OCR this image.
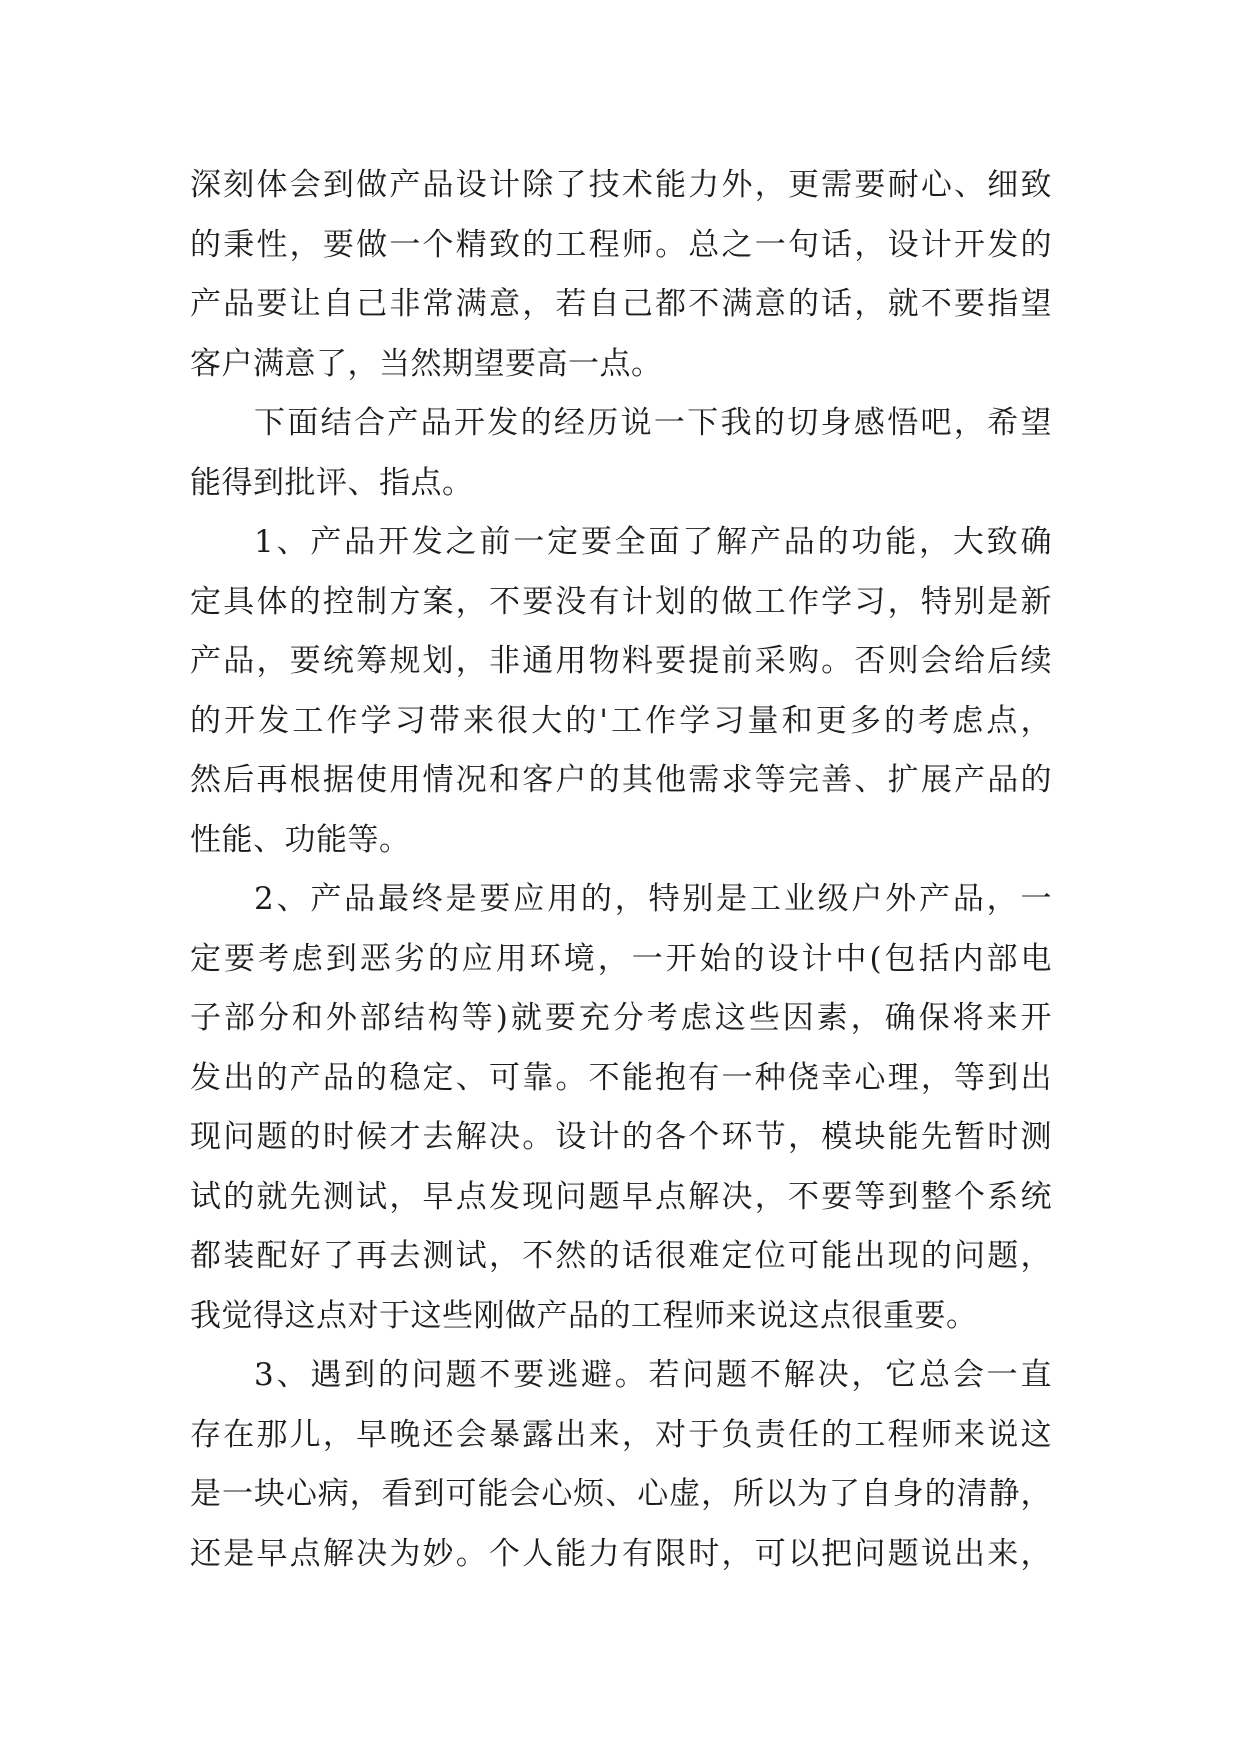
深刻体会到做产品设计除了技术能力外，更需要耐心、细致
的秉性，要做一个精致的工程师。总之一句话，设计开发的
产品要让自己非常满意，若自己都不满意的话，就不要指望
客户满意了，当然期望要高一点。
下面结合产品开发的经历说一下我的切身感悟吧，希望
能得到批评、指点。
1、产品开发之前一定要全面了解产品的功能，大致确
定具体的控制方案，不要没有计划的做工作学习，特别是新
产品，要统筹规划，非通用物料要提前采购。否则会给后续
的开发工作学习带来很大的'工作学习量和更多的考虑点，
然后再根据使用情况和客户的其他需求等完善、扩展产品的
性能、功能等。
2、产品最终是要应用的，特别是工业级户外产品，一
定要考虑到恶劣的应用环境，一开始的设计中(包括内部电
子部分和外部结构等)就要充分考虑这些因素，确保将来开
发出的产品的稳定、可靠。不能抱有一种侥幸心理，等到出
现问题的时候才去解决。设计的各个环节，模块能先暂时测
试的就先测试，早点发现问题早点解决，不要等到整个系统
都装配好了再去测试，不然的话很难定位可能出现的问题，
我觉得这点对于这些刚做产品的工程师来说这点很重要。
3、遇到的问题不要逃避。若问题不解决，它总会一直
存在那儿，早晚还会暴露出来，对于负责任的工程师来说这
是一块心病，看到可能会心烦、心虚，所以为了自身的清静，
还是早点解决为妙。个人能力有限时，可以把问题说出来，
